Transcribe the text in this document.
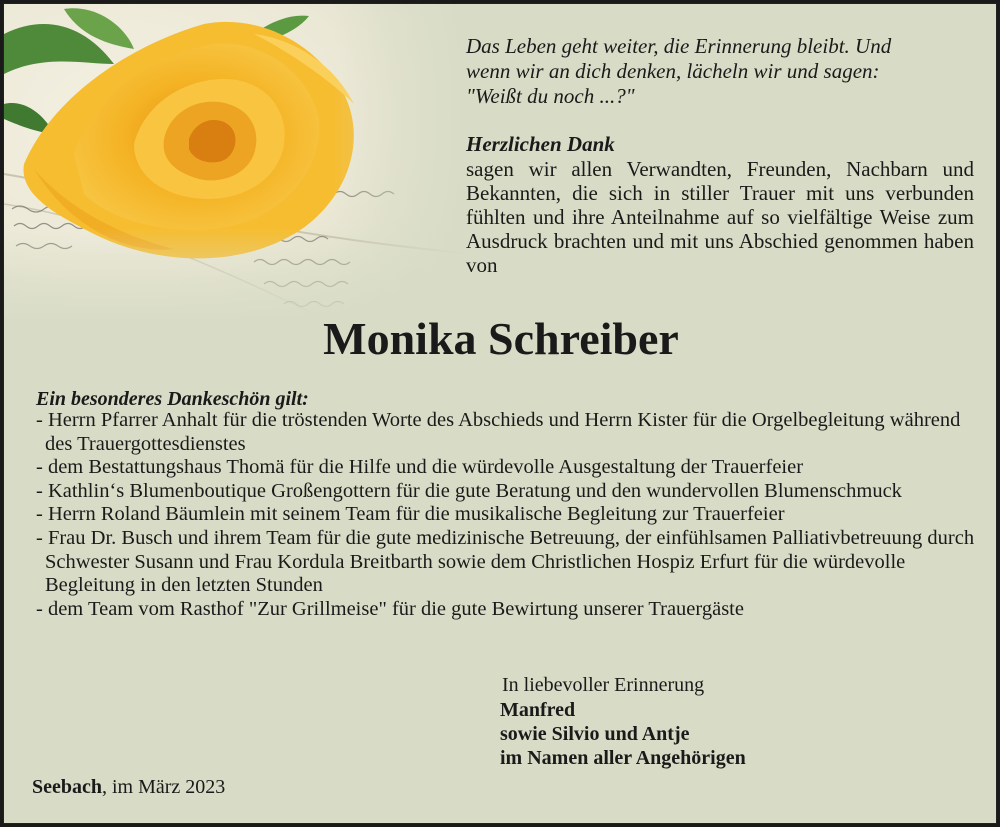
Das Leben geht weiter, die Erinnerung bleibt. Und
wenn wir an dich denken, lächeln wir und sagen:
"Weißt du noch ...?"
Herzlichen Dank
sagen wir allen Verwandten, Freunden, Nachbarn und Bekannten, die sich in stiller Trauer mit uns verbunden fühlten und ihre Anteilnahme auf so vielfältige Weise zum Ausdruck brachten und mit uns Abschied genommen haben von
Monika Schreiber
Ein besonderes Dankeschön gilt:
- Herrn Pfarrer Anhalt für die tröstenden Worte des Abschieds und Herrn Kister für die Orgelbegleitung während des Trauergottesdienstes
- dem Bestattungshaus Thomä für die Hilfe und die würdevolle Ausgestaltung der Trauerfeier
- Kathlin‘s Blumenboutique Großengottern für die gute Beratung und den wundervollen Blumenschmuck
- Herrn Roland Bäumlein mit seinem Team für die musikalische Begleitung zur Trauerfeier
- Frau Dr. Busch und ihrem Team für die gute medizinische Betreuung, der einfühlsamen Palliativbetreuung durch Schwester Susann und Frau Kordula Breitbarth sowie dem Christlichen Hospiz Erfurt für die würdevolle Begleitung in den letzten Stunden
- dem Team vom Rasthof "Zur Grillmeise" für die gute Bewirtung unserer Trauergäste
In liebevoller Erinnerung
Manfred
sowie Silvio und Antje
im Namen aller Angehörigen
Seebach, im März 2023
